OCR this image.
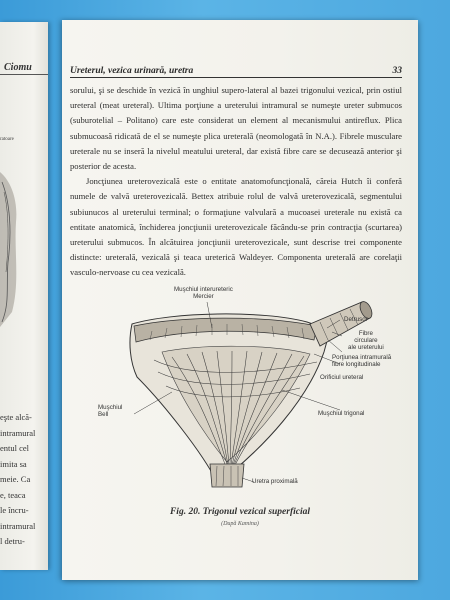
Ciomu
ratoare
eşte alcă-
intramural
entul cel
imita sa
meie. Ca
e, teaca
le încru-
intramural
l detru-
Ureterul, vezica urinară, uretra	33

sorului, şi se deschide în vezică în unghiul supero-lateral al bazei trigonului vezical, prin ostiul ureteral (meat ureteral). Ultima porţiune a ureterului intramural se numeşte ureter submucos (suburotelial – Politano) care este considerat un element al mecanismului antireflux. Plica submucoasă ridicată de el se numeşte plica ureterală (neomologată în N.A.). Fibrele musculare ureterale nu se inseră la nivelul meatului ureteral, dar există fibre care se decusează anterior şi posterior de acesta.

Joncţiunea ureterovezicală este o entitate anatomofuncţională, căreia Hutch îi conferă numele de valvă ureterovezicală. Bettex atribuie rolul de valvă ureterovezicală, segmentului subiunucos al ureterului terminal; o formaţiune valvulară a mucoasei ureterale nu există ca entitate anatomică, închiderea joncţiunii ureterovezicale făcându-se prin contracţia (scurtarea) ureterului submucos. În alcătuirea joncţiunii ureterovezicale, sunt descrise trei componente distincte: ureterală, vezicală şi teaca ureterică Waldeyer. Componenta ureterală are corelaţii vasculo-nervoase cu cea vezicală.

Muşchiul interureteric
Mercier
Detrusor
Fibre
circulare
ale ureterului
Porţiunea intramurală
fibre longitudinale
Orificiul ureteral
Muşchiul
Bell	Muşchiul trigonal
Uretra proximală
Fig. 20. Trigonul vezical superficial
(După Kamina)
